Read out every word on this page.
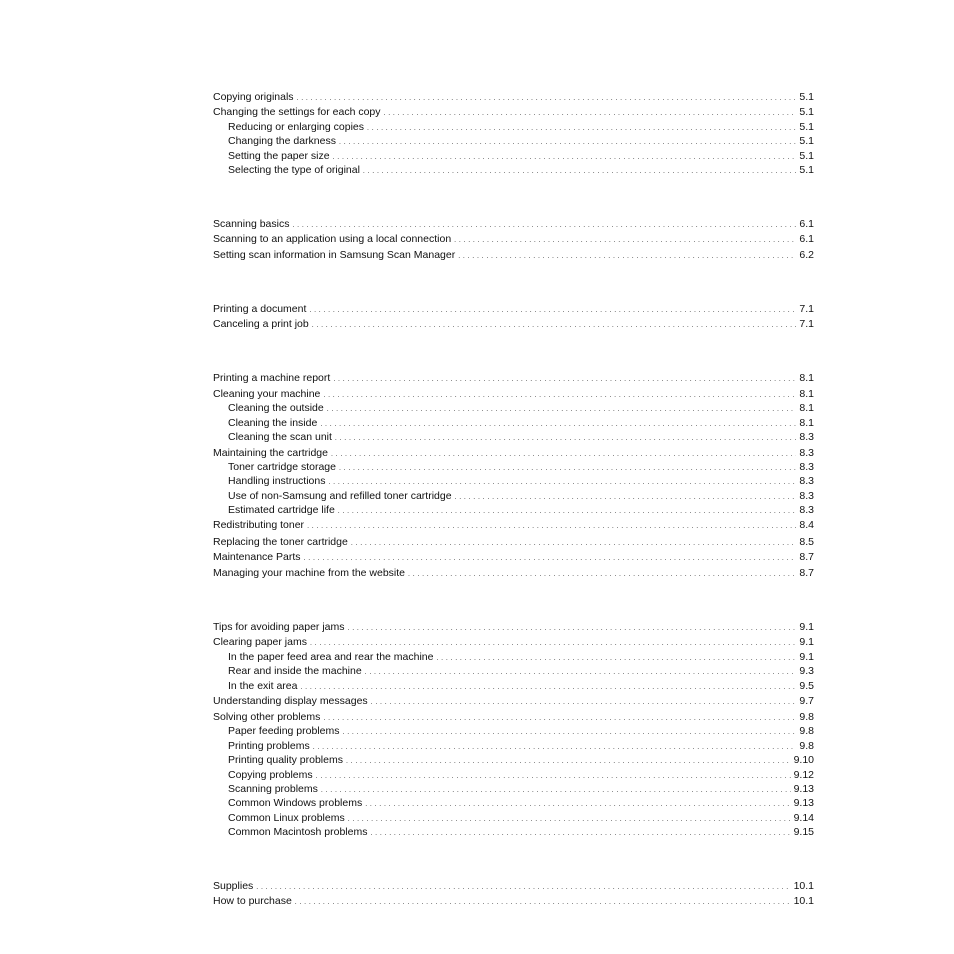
Copying originals . . .	5.1
Changing the settings for each copy . . .	5.1
Reducing or enlarging copies . . .	5.1
Changing the darkness . . .	5.1
Setting the paper size . . .	5.1
Selecting the type of original . . .	5.1
Scanning basics . . .	6.1
Scanning to an application using a local connection . . .	6.1
Setting scan information in Samsung Scan Manager . . .	6.2
Printing a document . . .	7.1
Canceling a print job . . .	7.1
Printing a machine report . . .	8.1
Cleaning your machine . . .	8.1
Cleaning the outside . . .	8.1
Cleaning the inside . . .	8.1
Cleaning the scan unit . . .	8.3
Maintaining the cartridge . . .	8.3
Toner cartridge storage . . .	8.3
Handling instructions . . .	8.3
Use of non-Samsung and refilled toner cartridge . . .	8.3
Estimated cartridge life . . .	8.3
Redistributing toner . . .	8.4
Replacing the toner cartridge . . .	8.5
Maintenance Parts . . .	8.7
Managing your machine from the website . . .	8.7
Tips for avoiding paper jams . . .	9.1
Clearing paper jams . . .	9.1
In the paper feed area and rear the machine . . .	9.1
Rear and inside the machine . . .	9.3
In the exit area . . .	9.5
Understanding display messages . . .	9.7
Solving other problems . . .	9.8
Paper feeding problems . . .	9.8
Printing problems . . .	9.8
Printing quality problems . . .	9.10
Copying problems . . .	9.12
Scanning problems . . .	9.13
Common Windows problems . . .	9.13
Common Linux problems . . .	9.14
Common Macintosh problems . . .	9.15
Supplies . . .	10.1
How to purchase . . .	10.1
